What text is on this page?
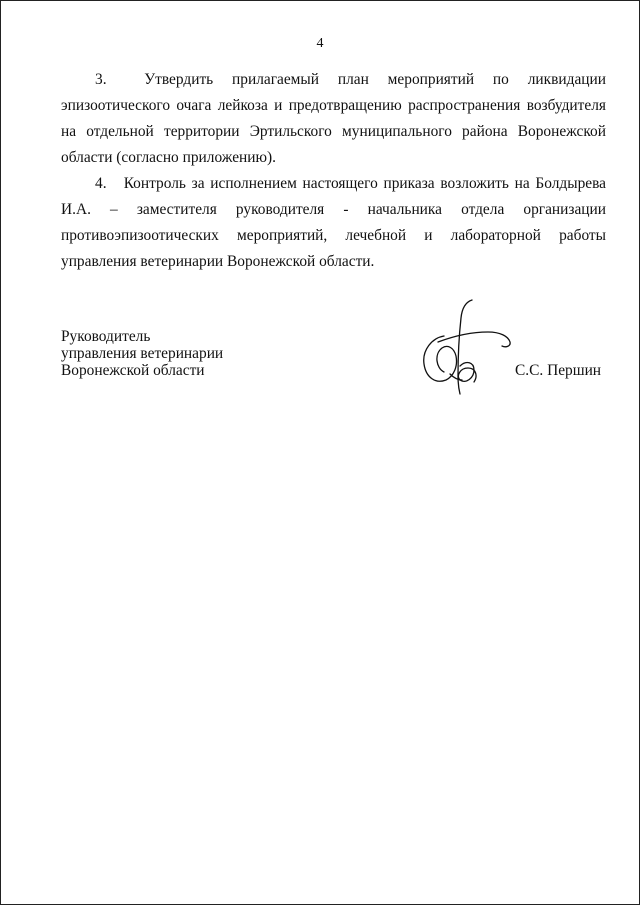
4

3. Утвердить прилагаемый план мероприятий по ликвидации эпизоотического очага лейкоза и предотвращению распространения возбудителя на отдельной территории Эртильского муниципального района Воронежской области (согласно приложению).

4. Контроль за исполнением настоящего приказа возложить на Болдырева И.А. – заместителя руководителя - начальника отдела организации противоэпизоотических мероприятий, лечебной и лабораторной работы управления ветеринарии Воронежской области.

Руководитель
управления ветеринарии
Воронежской области	С.С. Першин
